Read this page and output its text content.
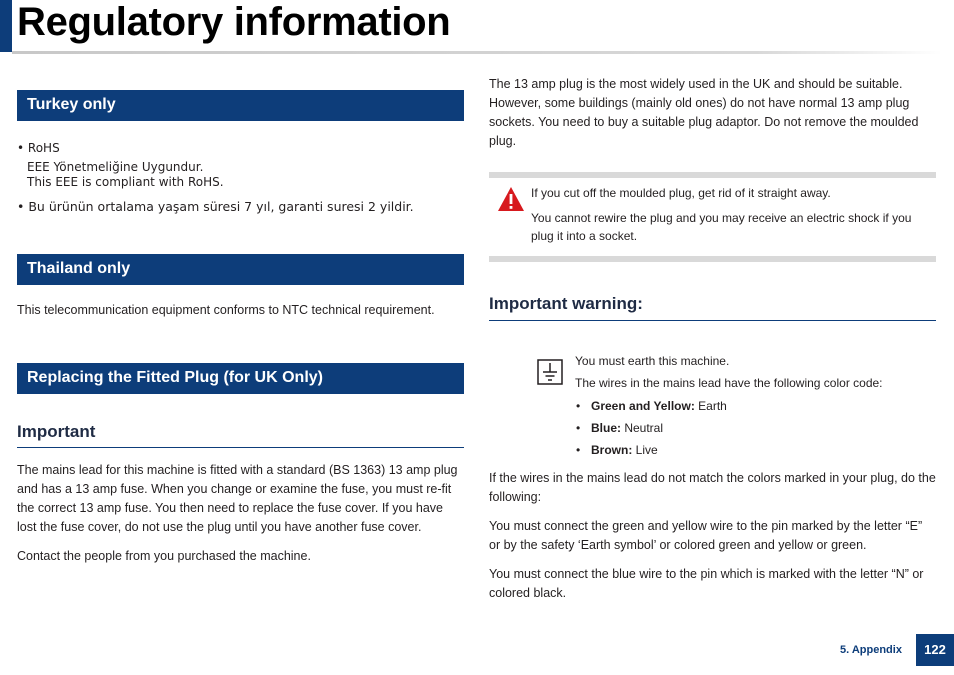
Regulatory information
Turkey only
• RoHS
EEE Yönetmeliğine Uygundur.
This EEE is compliant with RoHS.
• Bu ürünün ortalama yaşam süresi 7 yıl, garanti suresi 2 yildir.
Thailand only
This telecommunication equipment conforms to NTC technical requirement.
Replacing the Fitted Plug (for UK Only)
Important
The mains lead for this machine is fitted with a standard (BS 1363) 13 amp plug and has a 13 amp fuse. When you change or examine the fuse, you must re-fit the correct 13 amp fuse. You then need to replace the fuse cover. If you have lost the fuse cover, do not use the plug until you have another fuse cover.
Contact the people from you purchased the machine.
The 13 amp plug is the most widely used in the UK and should be suitable. However, some buildings (mainly old ones) do not have normal 13 amp plug sockets. You need to buy a suitable plug adaptor. Do not remove the moulded plug.
If you cut off the moulded plug, get rid of it straight away.
You cannot rewire the plug and you may receive an electric shock if you plug it into a socket.
Important warning:
You must earth this machine.
The wires in the mains lead have the following color code:
• Green and Yellow: Earth
• Blue: Neutral
• Brown: Live
If the wires in the mains lead do not match the colors marked in your plug, do the following:
You must connect the green and yellow wire to the pin marked by the letter “E” or by the safety ‘Earth symbol’ or colored green and yellow or green.
You must connect the blue wire to the pin which is marked with the letter “N” or colored black.
5. Appendix	122
